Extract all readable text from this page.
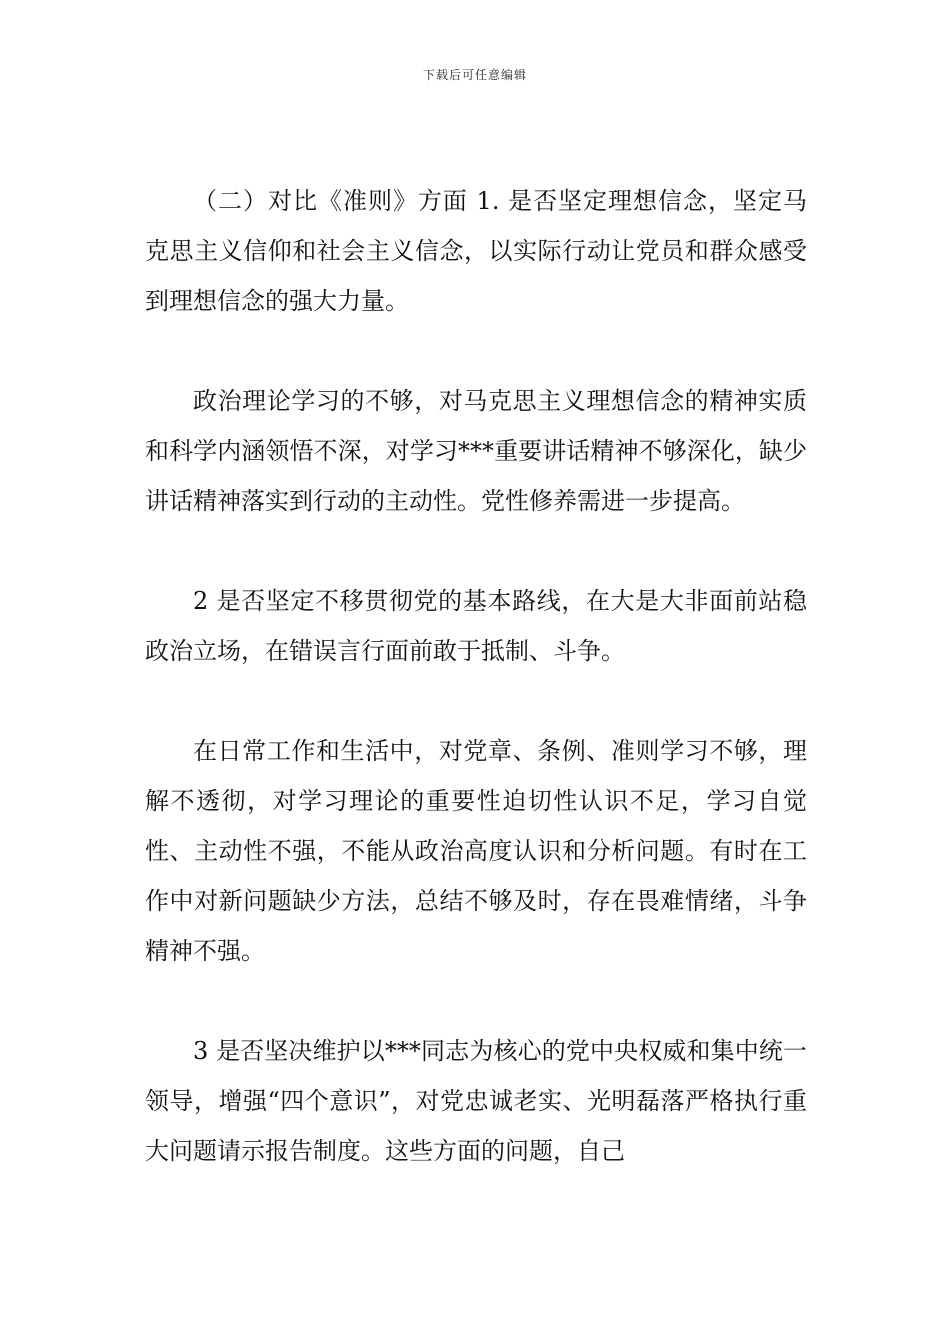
下载后可任意编辑

（二）对比《准则》方面 1. 是否坚定理想信念，坚定马克思主义信仰和社会主义信念，以实际行动让党员和群众感受到理想信念的强大力量。

政治理论学习的不够，对马克思主义理想信念的精神实质和科学内涵领悟不深，对学习***重要讲话精神不够深化，缺少讲话精神落实到行动的主动性。党性修养需进一步提高。

2 是否坚定不移贯彻党的基本路线，在大是大非面前站稳政治立场，在错误言行面前敢于抵制、斗争。

在日常工作和生活中，对党章、条例、准则学习不够，理解不透彻，对学习理论的重要性迫切性认识不足，学习自觉性、主动性不强，不能从政治高度认识和分析问题。有时在工作中对新问题缺少方法，总结不够及时，存在畏难情绪，斗争精神不强。

3 是否坚决维护以***同志为核心的党中央权威和集中统一领导，增强“四个意识”，对党忠诚老实、光明磊落严格执行重大问题请示报告制度。这些方面的问题，自己
